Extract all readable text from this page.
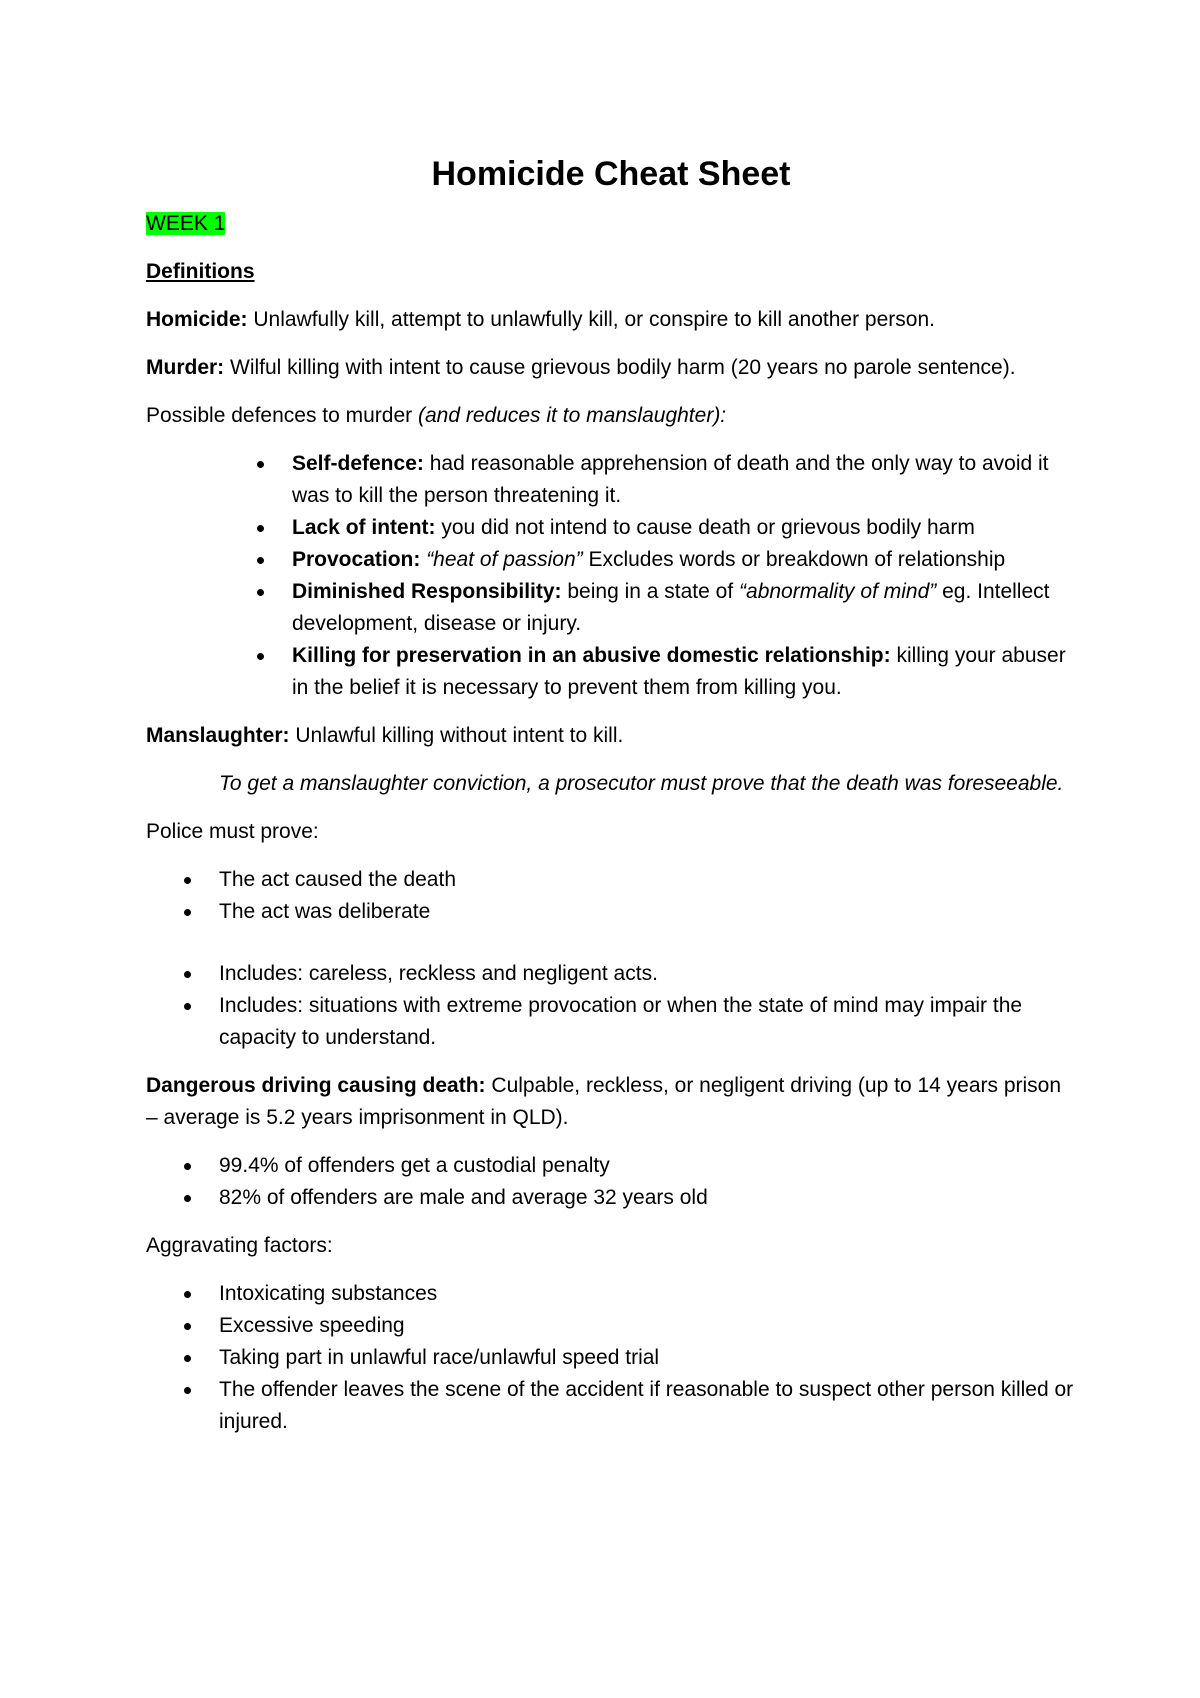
Homicide Cheat Sheet

WEEK 1

Definitions

Homicide: Unlawfully kill, attempt to unlawfully kill, or conspire to kill another person.

Murder: Wilful killing with intent to cause grievous bodily harm (20 years no parole sentence).

Possible defences to murder (and reduces it to manslaughter):

Self-defence: had reasonable apprehension of death and the only way to avoid it was to kill the person threatening it.
Lack of intent: you did not intend to cause death or grievous bodily harm
Provocation: “heat of passion” Excludes words or breakdown of relationship
Diminished Responsibility: being in a state of “abnormality of mind” eg. Intellect development, disease or injury.
Killing for preservation in an abusive domestic relationship: killing your abuser in the belief it is necessary to prevent them from killing you.

Manslaughter: Unlawful killing without intent to kill.

To get a manslaughter conviction, a prosecutor must prove that the death was foreseeable.

Police must prove:

The act caused the death
The act was deliberate
Includes: careless, reckless and negligent acts.
Includes: situations with extreme provocation or when the state of mind may impair the capacity to understand.

Dangerous driving causing death: Culpable, reckless, or negligent driving (up to 14 years prison – average is 5.2 years imprisonment in QLD).

99.4% of offenders get a custodial penalty
82% of offenders are male and average 32 years old

Aggravating factors:

Intoxicating substances
Excessive speeding
Taking part in unlawful race/unlawful speed trial
The offender leaves the scene of the accident if reasonable to suspect other person killed or injured.
